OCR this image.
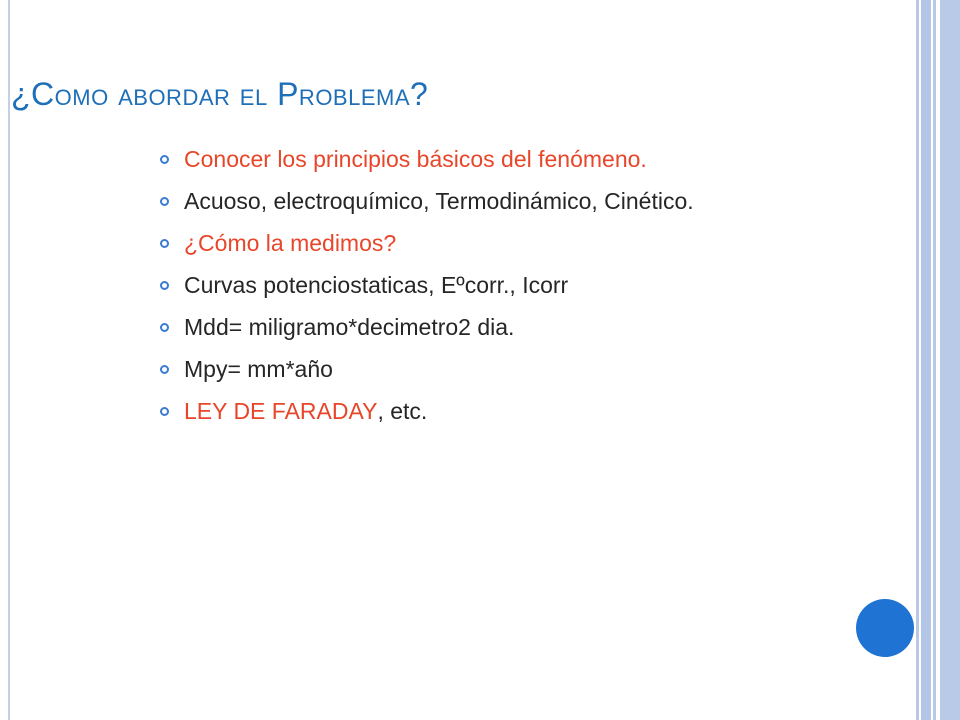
¿Como abordar el Problema?
Conocer los principios básicos del fenómeno.
Acuoso, electroquímico, Termodinámico, Cinético.
¿Cómo la medimos?
Curvas potenciostaticas, Eºcorr., Icorr
Mdd= miligramo*decimetro2 dia.
Mpy= mm*año
LEY DE FARADAY , etc.
